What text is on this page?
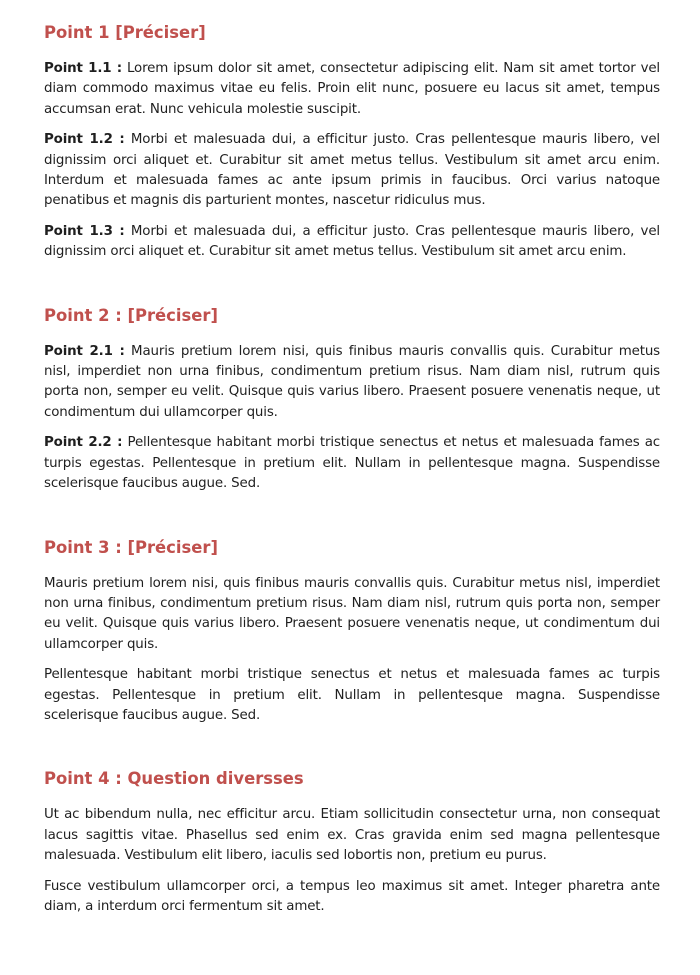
Point 1 [Préciser]

Point 1.1 : Lorem ipsum dolor sit amet, consectetur adipiscing elit. Nam sit amet tortor vel diam commodo maximus vitae eu felis. Proin elit nunc, posuere eu lacus sit amet, tempus accumsan erat. Nunc vehicula molestie suscipit.

Point 1.2 : Morbi et malesuada dui, a efficitur justo. Cras pellentesque mauris libero, vel dignissim orci aliquet et. Curabitur sit amet metus tellus. Vestibulum sit amet arcu enim. Interdum et malesuada fames ac ante ipsum primis in faucibus. Orci varius natoque penatibus et magnis dis parturient montes, nascetur ridiculus mus.

Point 1.3 : Morbi et malesuada dui, a efficitur justo. Cras pellentesque mauris libero, vel dignissim orci aliquet et. Curabitur sit amet metus tellus. Vestibulum sit amet arcu enim.

Point 2 : [Préciser]

Point 2.1 : Mauris pretium lorem nisi, quis finibus mauris convallis quis. Curabitur metus nisl, imperdiet non urna finibus, condimentum pretium risus. Nam diam nisl, rutrum quis porta non, semper eu velit. Quisque quis varius libero. Praesent posuere venenatis neque, ut condimentum dui ullamcorper quis.

Point 2.2 : Pellentesque habitant morbi tristique senectus et netus et malesuada fames ac turpis egestas. Pellentesque in pretium elit. Nullam in pellentesque magna. Suspendisse scelerisque faucibus augue. Sed.

Point 3 : [Préciser]

Mauris pretium lorem nisi, quis finibus mauris convallis quis. Curabitur metus nisl, imperdiet non urna finibus, condimentum pretium risus. Nam diam nisl, rutrum quis porta non, semper eu velit. Quisque quis varius libero. Praesent posuere venenatis neque, ut condimentum dui ullamcorper quis.

Pellentesque habitant morbi tristique senectus et netus et malesuada fames ac turpis egestas. Pellentesque in pretium elit. Nullam in pellentesque magna. Suspendisse scelerisque faucibus augue. Sed.

Point 4 : Question diversses

Ut ac bibendum nulla, nec efficitur arcu. Etiam sollicitudin consectetur urna, non consequat lacus sagittis vitae. Phasellus sed enim ex. Cras gravida enim sed magna pellentesque malesuada. Vestibulum elit libero, iaculis sed lobortis non, pretium eu purus.

Fusce vestibulum ullamcorper orci, a tempus leo maximus sit amet. Integer pharetra ante diam, a interdum orci fermentum sit amet.
